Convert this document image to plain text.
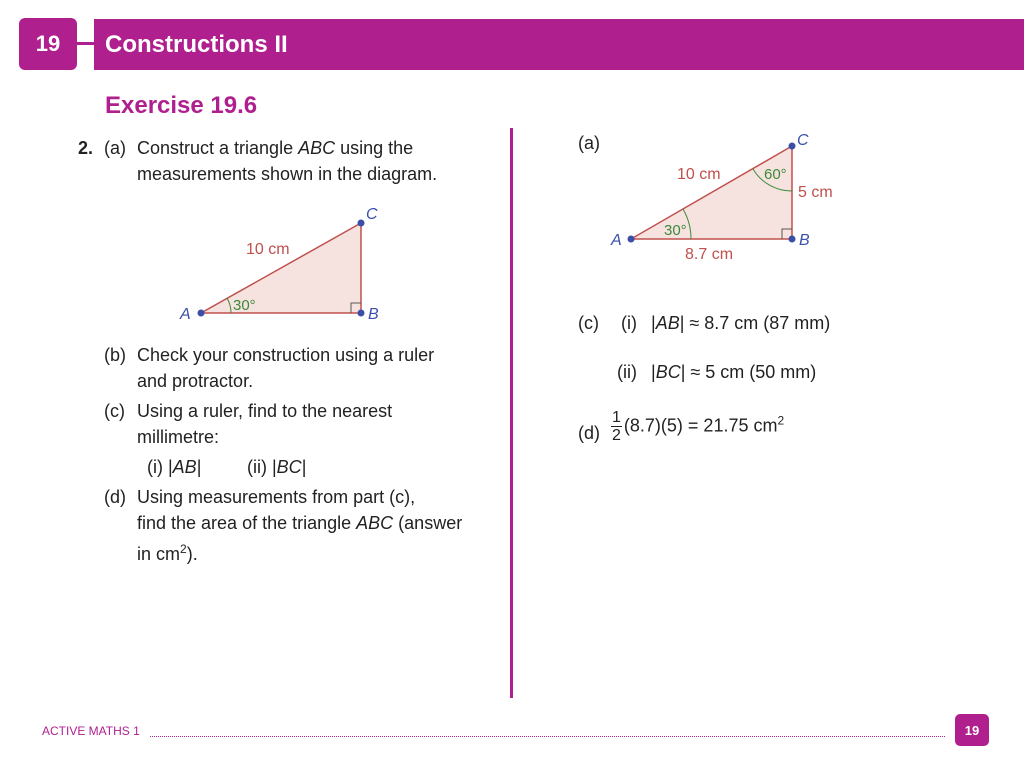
19	Constructions II
Exercise 19.6
2. (a) Construct a triangle ABC using the
measurements shown in the diagram.
A	B
C
10 cm
30°
(b) Check your construction using a ruler
and protractor.
(c) Using a ruler, find to the nearest
millimetre:
(i) |AB|	(ii) |BC|
(d) Using measurements from part (c),
find the area of the triangle ABC (answer
in $cm^2$).
(a)
A	B
C
10 cm
5 cm
8.7 cm
30°
60°
(c) (i) |AB| ≈ 8.7 cm (87 mm)
(ii) |BC| ≈ 5 cm (50 mm)
$(d) \frac{1}{2} (8.7)(5) = 21.75$ $cm^2$
ACTIVE MATHS 1	19
